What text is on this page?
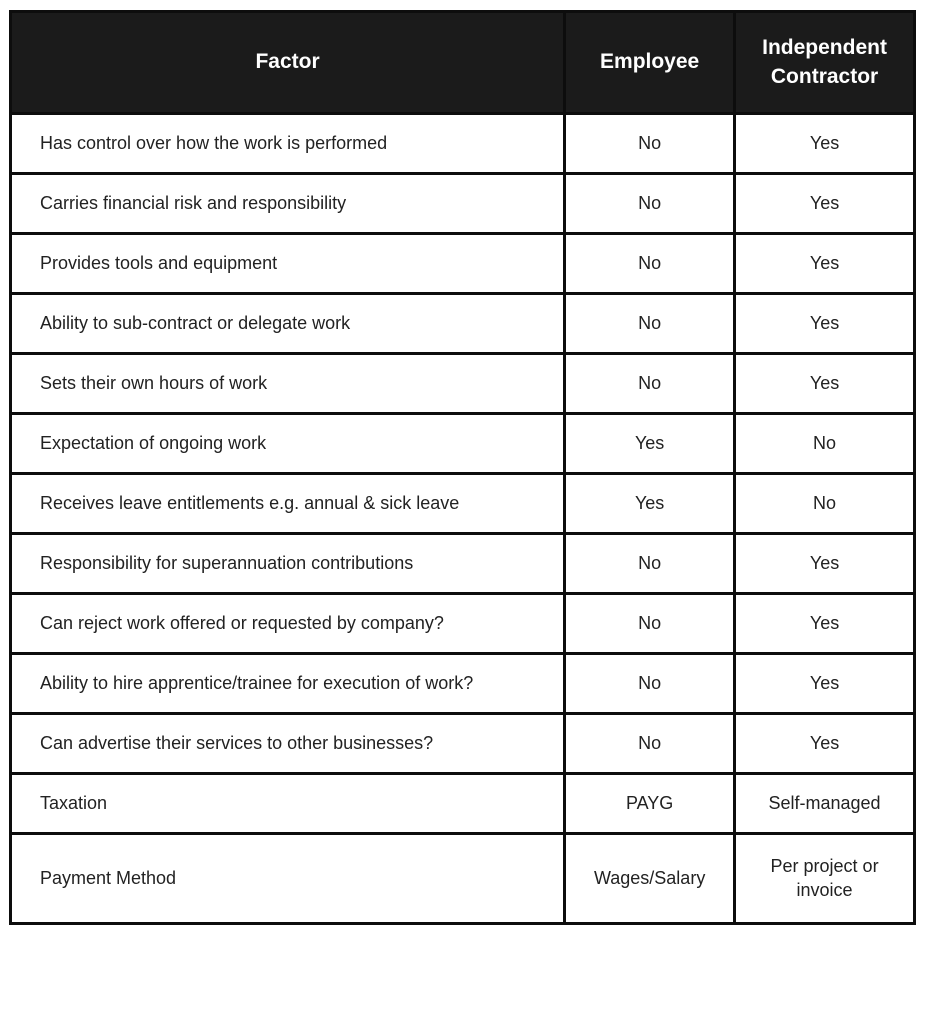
Factor	Employee	Independent Contractor
Has control over how the work is performed	No	Yes
Carries financial risk and responsibility	No	Yes
Provides tools and equipment	No	Yes
Ability to sub-contract or delegate work	No	Yes
Sets their own hours of work	No	Yes
Expectation of ongoing work	Yes	No
Receives leave entitlements e.g. annual & sick leave	Yes	No
Responsibility for superannuation contributions	No	Yes
Can reject work offered or requested by company?	No	Yes
Ability to hire apprentice/trainee for execution of work?	No	Yes
Can advertise their services to other businesses?	No	Yes
Taxation	PAYG	Self-managed
Payment Method	Wages/Salary	Per project or invoice
